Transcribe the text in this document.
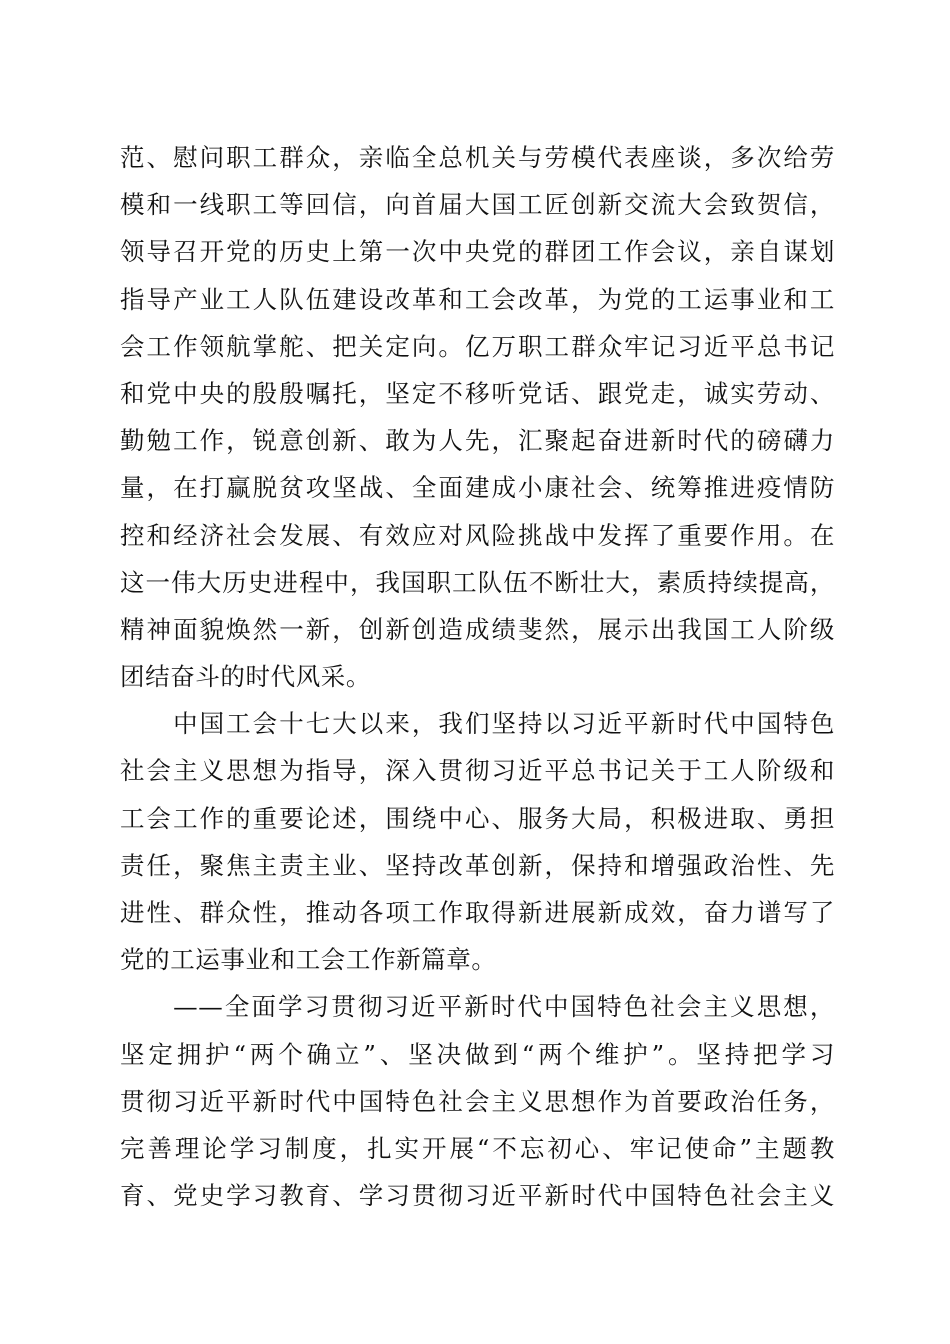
范、慰问职工群众，亲临全总机关与劳模代表座谈，多次给劳
模和一线职工等回信，向首届大国工匠创新交流大会致贺信，
领导召开党的历史上第一次中央党的群团工作会议，亲自谋划
指导产业工人队伍建设改革和工会改革，为党的工运事业和工
会工作领航掌舵、把关定向。亿万职工群众牢记习近平总书记
和党中央的殷殷嘱托，坚定不移听党话、跟党走，诚实劳动、
勤勉工作，锐意创新、敢为人先，汇聚起奋进新时代的磅礴力
量，在打赢脱贫攻坚战、全面建成小康社会、统筹推进疫情防
控和经济社会发展、有效应对风险挑战中发挥了重要作用。在
这一伟大历史进程中，我国职工队伍不断壮大，素质持续提高，
精神面貌焕然一新，创新创造成绩斐然，展示出我国工人阶级
团结奋斗的时代风采。
　　中国工会十七大以来，我们坚持以习近平新时代中国特色
社会主义思想为指导，深入贯彻习近平总书记关于工人阶级和
工会工作的重要论述，围绕中心、服务大局，积极进取、勇担
责任，聚焦主责主业、坚持改革创新，保持和增强政治性、先
进性、群众性，推动各项工作取得新进展新成效，奋力谱写了
党的工运事业和工会工作新篇章。
　　——全面学习贯彻习近平新时代中国特色社会主义思想，
坚定拥护“两个确立”、坚决做到“两个维护”。坚持把学习
贯彻习近平新时代中国特色社会主义思想作为首要政治任务，
完善理论学习制度，扎实开展“不忘初心、牢记使命”主题教
育、党史学习教育、学习贯彻习近平新时代中国特色社会主义
